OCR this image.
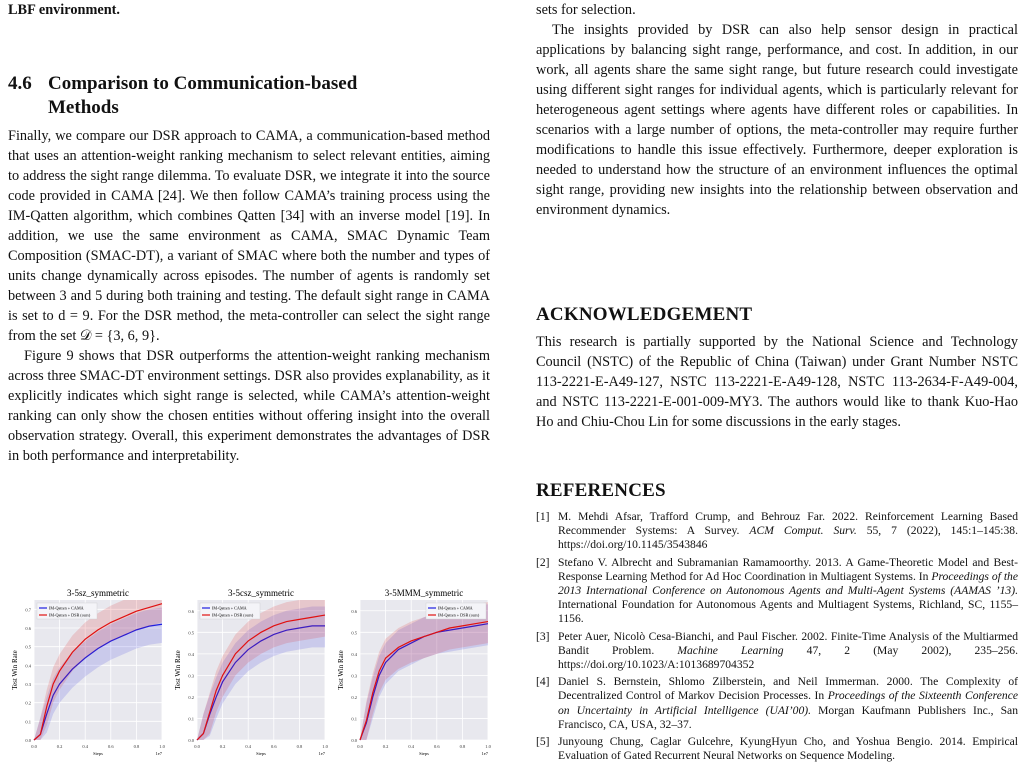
LBF environment.
4.6 Comparison to Communication-based
Methods

Finally, we compare our DSR approach to CAMA, a communication-based method that uses an attention-weight ranking mechanism to select relevant entities, aiming to address the sight range dilemma. To evaluate DSR, we integrate it into the source code provided in CAMA [24]. We then follow CAMA’s training process using the IM-Qatten algorithm, which combines Qatten [34] with an inverse model [19]. In addition, we use the same environment as CAMA, SMAC Dynamic Team Composition (SMAC-DT), a variant of SMAC where both the number and types of units change dynamically across episodes. The number of agents is randomly set between 3 and 5 during both training and testing. The default sight range in CAMA is set to d = 9. For the DSR method, the meta-controller can select the sight range from the set 𝒟 = {3, 6, 9}.

Figure 9 shows that DSR outperforms the attention-weight ranking mechanism across three SMAC-DT environment settings. DSR also provides explanability, as it explicitly indicates which sight range is selected, while CAMA’s attention-weight ranking can only show the chosen entities without offering insight into the overall observation strategy. Overall, this experiment demonstrates the advantages of DSR in both performance and interpretability.

3-5sz_symmetric
0.0
0.1
0.2
0.3
0.4
0.5
0.6
0.7
0.0	0.2	0.4	0.6	0.8	1.0
Steps	1e7
Test Win Rate
IM-Qatten + CAMA
IM-Qatten + DSR (ours)
3-5csz_symmetric
0.0
0.1
0.2
0.3
0.4
0.5
0.6
0.0	0.2	0.4	0.6	0.8	1.0
Steps	1e7
Test Win Rate
IM-Qatten + CAMA
IM-Qatten + DSR (ours)
3-5MMM_symmetric
0.0
0.1
0.2
0.3
0.4
0.5
0.6
0.0	0.2	0.4	0.6	0.8	1.0
Steps	1e7
Test Win Rate
IM-Qatten + CAMA
IM-Qatten + DSR (ours)

sets for selection.

The insights provided by DSR can also help sensor design in practical applications by balancing sight range, performance, and cost. In addition, in our work, all agents share the same sight range, but future research could investigate using different sight ranges for individual agents, which is particularly relevant for heterogeneous agent settings where agents have different roles or capabilities. In scenarios with a large number of options, the meta-controller may require further modifications to handle this issue effectively. Furthermore, deeper exploration is needed to understand how the structure of an environment influences the optimal sight range, providing new insights into the relationship between observation and environment dynamics.

ACKNOWLEDGEMENT

This research is partially supported by the National Science and Technology Council (NSTC) of the Republic of China (Taiwan) under Grant Number NSTC 113-2221-E-A49-127, NSTC 113-2221-E-A49-128, NSTC 113-2634-F-A49-004, and NSTC 113-2221-E-001-009-MY3. The authors would like to thank Kuo-Hao Ho and Chiu-Chou Lin for some discussions in the early stages.

REFERENCES
[1] M. Mehdi Afsar, Trafford Crump, and Behrouz Far. 2022. Reinforcement Learning Based Recommender Systems: A Survey. ACM Comput. Surv. 55, 7 (2022), 145:1–145:38. https://doi.org/10.1145/3543846
[2] Stefano V. Albrecht and Subramanian Ramamoorthy. 2013. A Game-Theoretic Model and Best-Response Learning Method for Ad Hoc Coordination in Multiagent Systems. In Proceedings of the 2013 International Conference on Autonomous Agents and Multi-Agent Systems (AAMAS ’13). International Foundation for Autonomous Agents and Multiagent Systems, Richland, SC, 1155–1156.
[3] Peter Auer, Nicolò Cesa-Bianchi, and Paul Fischer. 2002. Finite-Time Analysis of the Multiarmed Bandit Problem. Machine Learning 47, 2 (May 2002), 235–256. https://doi.org/10.1023/A:1013689704352
[4] Daniel S. Bernstein, Shlomo Zilberstein, and Neil Immerman. 2000. The Complexity of Decentralized Control of Markov Decision Processes. In Proceedings of the Sixteenth Conference on Uncertainty in Artificial Intelligence (UAI’00). Morgan Kaufmann Publishers Inc., San Francisco, CA, USA, 32–37.
[5] Junyoung Chung, Caglar Gulcehre, KyungHyun Cho, and Yoshua Bengio. 2014. Empirical Evaluation of Gated Recurrent Neural Networks on Sequence Modeling.
